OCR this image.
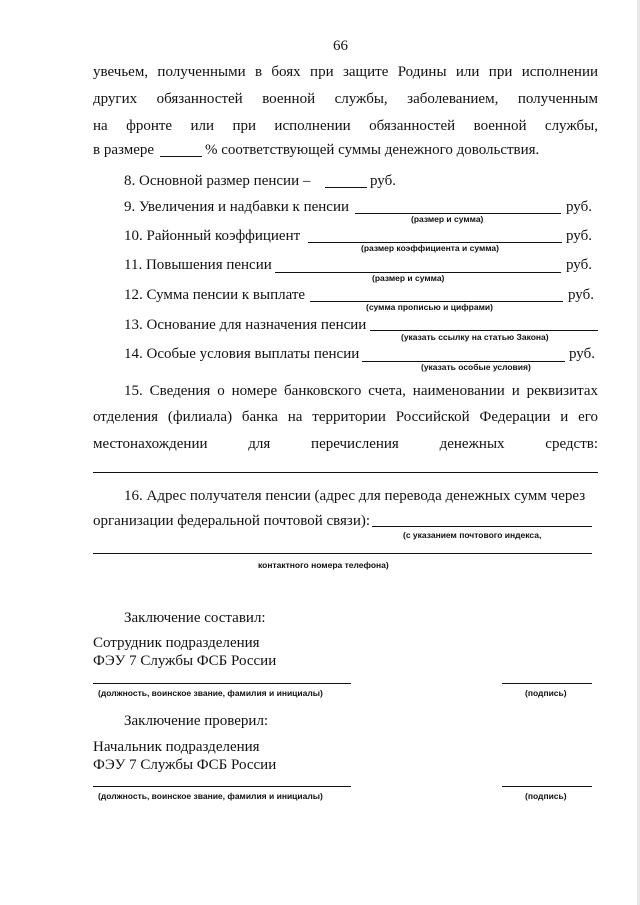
66
увечьем, полученными в боях при защите Родины или при исполнении
других обязанностей военной службы, заболеванием, полученным
на фронте или при исполнении обязанностей военной службы,
в размере	% соответствующей суммы денежного довольствия.
8. Основной размер пенсии –	руб.
9. Увеличения и надбавки к пенсии	руб.
(размер и сумма)
10. Районный коэффициент	руб.
(размер коэффициента и сумма)
11. Повышения пенсии	руб.
(размер и сумма)
12. Сумма пенсии к выплате	руб.
(сумма прописью и цифрами)
13. Основание для назначения пенсии
(указать ссылку на статью Закона)
14. Особые условия выплаты пенсии	руб.
(указать особые условия)
15. Сведения о номере банковского счета, наименовании и реквизитах
отделения (филиала) банка на территории Российской Федерации и его
местонахождении для перечисления денежных средств:
16. Адрес получателя пенсии (адрес для перевода денежных сумм через
организации федеральной почтовой связи):
(с указанием почтового индекса,
контактного номера телефона)
Заключение составил:
Сотрудник подразделения
ФЭУ 7 Службы ФСБ России
(должность, воинское звание, фамилия и инициалы)	(подпись)
Заключение проверил:
Начальник подразделения
ФЭУ 7 Службы ФСБ России
(должность, воинское звание, фамилия и инициалы)	(подпись)
